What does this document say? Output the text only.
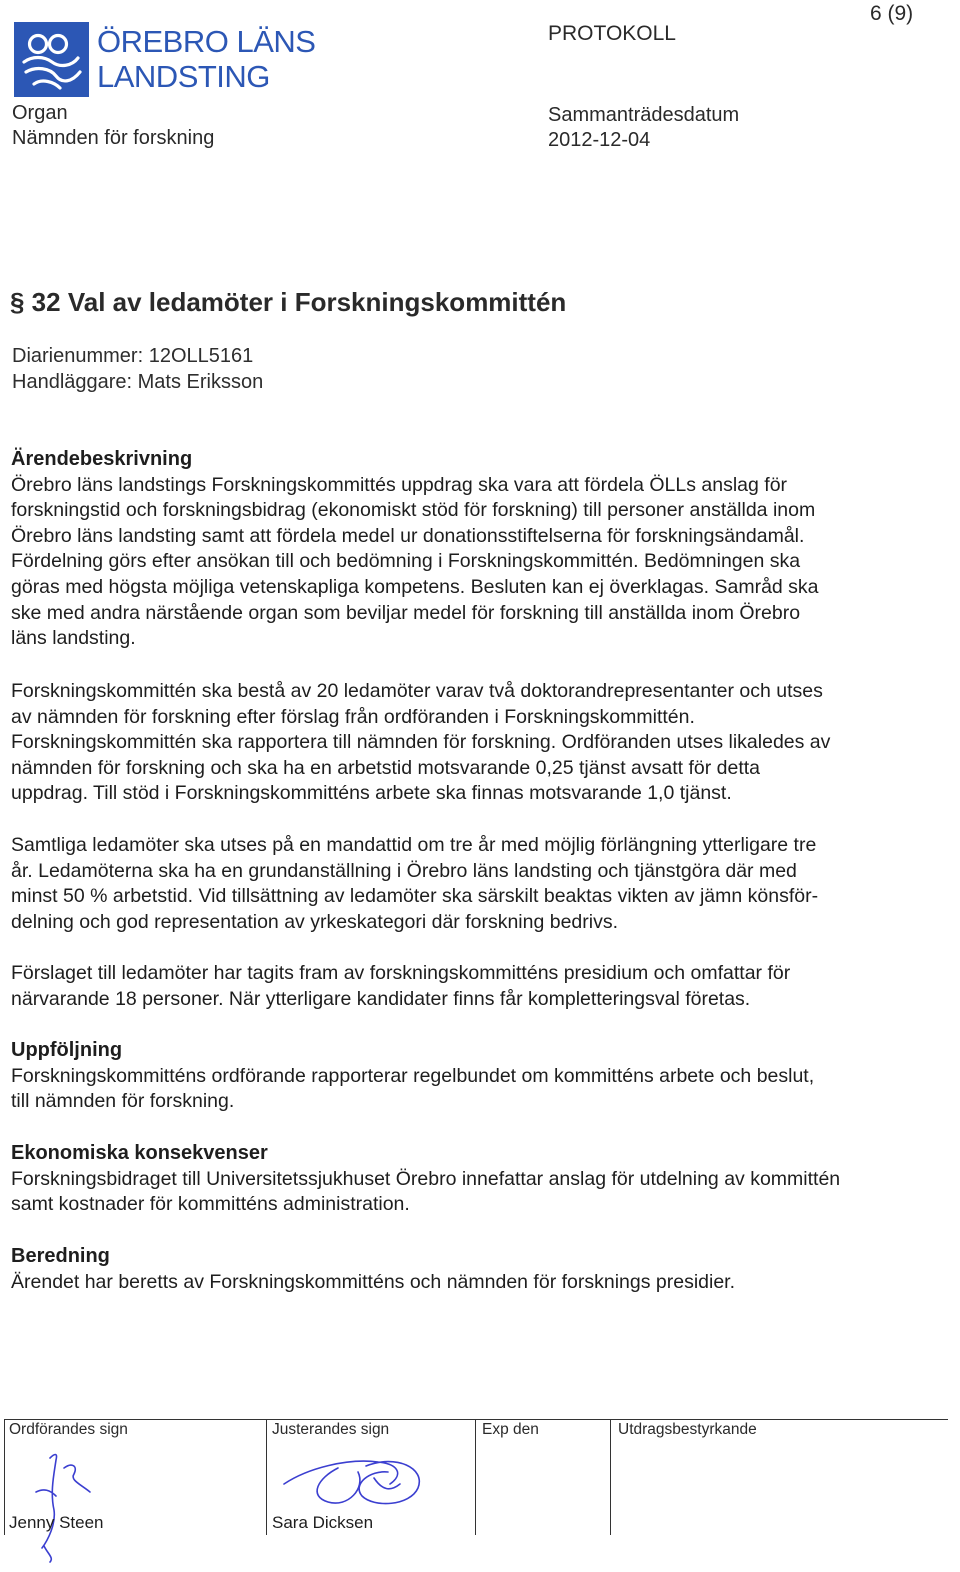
ÖREBRO LÄNS
LANDSTING
PROTOKOLL
6 (9)
Organ
Nämnden för forskning
Sammanträdesdatum
2012-12-04
§ 32 Val av ledamöter i Forskningskommittén
Diarienummer: 12OLL5161
Handläggare: Mats Eriksson
Ärendebeskrivning

Örebro läns landstings Forskningskommittés uppdrag ska vara att fördela ÖLLs anslag för

forskningstid och forskningsbidrag (ekonomiskt stöd för forskning) till personer anställda inom

Örebro läns landsting samt att fördela medel ur donationsstiftelserna för forskningsändamål.

Fördelning görs efter ansökan till och bedömning i Forskningskommittén. Bedömningen ska

göras med högsta möjliga vetenskapliga kompetens. Besluten kan ej överklagas. Samråd ska

ske med andra närstående organ som beviljar medel för forskning till anställda inom Örebro

läns landsting.

Forskningskommittén ska bestå av 20 ledamöter varav två doktorandrepresentanter och utses

av nämnden för forskning efter förslag från ordföranden i Forskningskommittén.

Forskningskommittén ska rapportera till nämnden för forskning. Ordföranden utses likaledes av

nämnden för forskning och ska ha en arbetstid motsvarande 0,25 tjänst avsatt för detta

uppdrag. Till stöd i Forskningskommitténs arbete ska finnas motsvarande 1,0 tjänst.

Samtliga ledamöter ska utses på en mandattid om tre år med möjlig förlängning ytterligare tre

år. Ledamöterna ska ha en grundanställning i Örebro läns landsting och tjänstgöra där med

minst 50 % arbetstid. Vid tillsättning av ledamöter ska särskilt beaktas vikten av jämn könsför-

delning och god representation av yrkeskategori där forskning bedrivs.

Förslaget till ledamöter har tagits fram av forskningskommitténs presidium och omfattar för

närvarande 18 personer. När ytterligare kandidater finns får kompletteringsval företas.

Uppföljning

Forskningskommitténs ordförande rapporterar regelbundet om kommitténs arbete och beslut,

till nämnden för forskning.

Ekonomiska konsekvenser

Forskningsbidraget till Universitetssjukhuset Örebro innefattar anslag för utdelning av kommittén

samt kostnader för kommitténs administration.

Beredning

Ärendet har beretts av Forskningskommitténs och nämnden för forsknings presidier.

Ordförandes sign	Justerandes sign	Exp den	Utdragsbestyrkande
Jenny Steen	Sara Dicksen
